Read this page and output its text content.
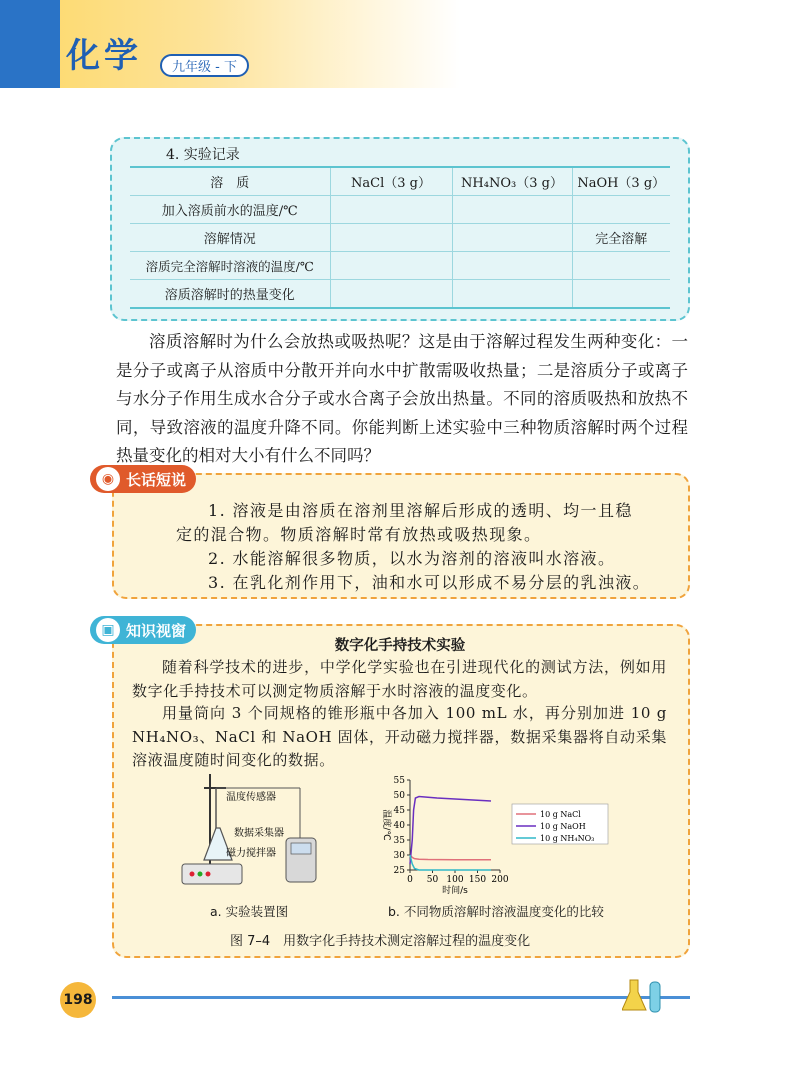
化学	九年级 - 下
4. 实验记录
溶　质	NaCl（3 g）	NH₄NO₃（3 g）	NaOH（3 g）
加入溶质前水的温度/℃			
溶解情况			完全溶解
溶质完全溶解时溶液的温度/℃			
溶质溶解时的热量变化			
溶质溶解时为什么会放热或吸热呢？这是由于溶解过程发生两种变化：一是分子或离子从溶质中分散开并向水中扩散需吸收热量；二是溶质分子或离子与水分子作用生成水合分子或水合离子会放出热量。不同的溶质吸热和放热不同，导致溶液的温度升降不同。你能判断上述实验中三种物质溶解时两个过程热量变化的相对大小有什么不同吗？
◉ 长话短说
1. 溶液是由溶质在溶剂里溶解后形成的透明、均一且稳
定的混合物。物质溶解时常有放热或吸热现象。
2. 水能溶解很多物质，以水为溶剂的溶液叫水溶液。
3. 在乳化剂作用下，油和水可以形成不易分层的乳浊液。
▣ 知识视窗
数字化手持技术实验
随着科学技术的进步，中学化学实验也在引进现代化的测试方法，例如用数字化手持技术可以测定物质溶解于水时溶液的温度变化。
用量筒向 3 个同规格的锥形瓶中各加入 100 mL 水，再分别加进 10 g NH₄NO₃、NaCl 和 NaOH 固体，开动磁力搅拌器，数据采集器将自动采集溶液温度随时间变化的数据。
温度传感器
数据采集器
磁力搅拌器
25
30
35
40
45
50
55
0 50 100 150 200
时间/s
温度/℃	10 g NaCl
10 g NaOH
10 g NH₄NO₃
a. 实验装置图	b. 不同物质溶解时溶液温度变化的比较
图 7–4　用数字化手持技术测定溶解过程的温度变化
198
